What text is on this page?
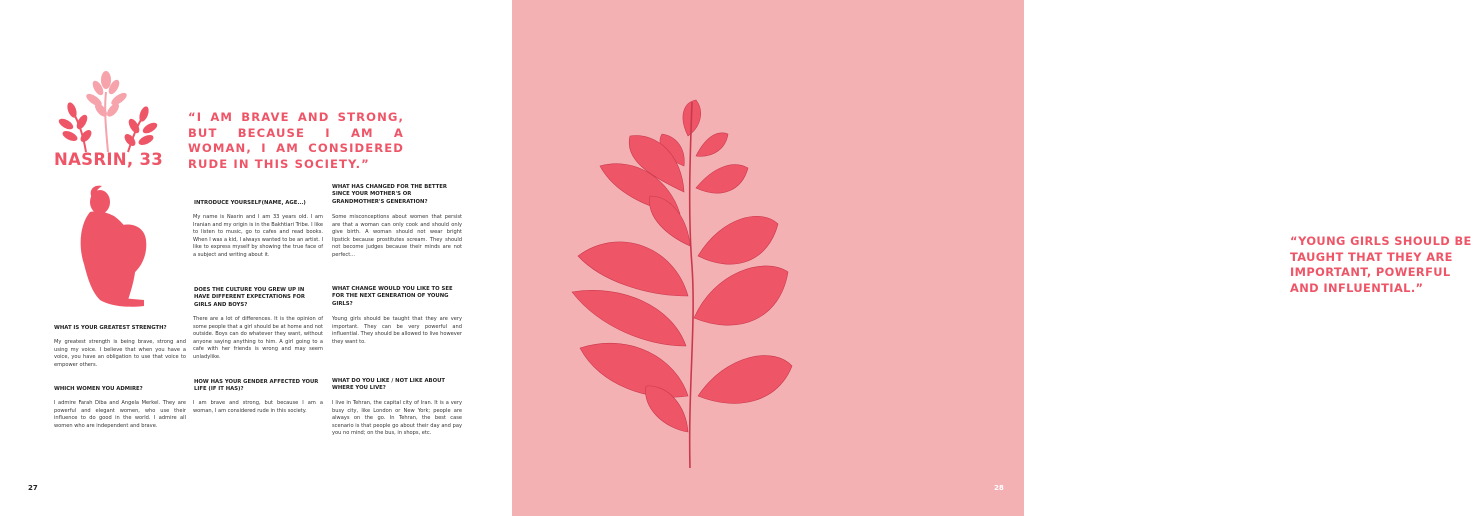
NASRIN, 33
“I AM BRAVE AND STRONG, BUT BECAUSE I AM A WOMAN, I AM CONSIDERED RUDE IN THIS SOCIETY.”
WHAT IS YOUR GREATEST STRENGTH?
My greatest strength is being brave, strong and using my voice. I believe that when you have a voice, you have an obligation to use that voice to empower others.
WHICH WOMEN YOU ADMIRE?
I admire Farah Diba and Angela Merkel. They are powerful and elegant women, who use their influence to do good in the world. I admire all women who are independent and brave.
INTRODUCE YOURSELF(NAME, AGE...)
My name is Nasrin and I am 33 years old. I am Iranian and my origin is in the Bakhtiari Tribe. I like to listen to music, go to cafes and read books. When I was a kid, I always wanted to be an artist. I like to express myself by showing the true face of a subject and writing about it.
DOES THE CULTURE YOU GREW UP IN HAVE DIFFERENT EXPECTATIONS FOR GIRLS AND BOYS?
There are a lot of differences. It is the opinion of some people that a girl should be at home and not outside. Boys can do whatever they want, without anyone saying anything to him. A girl going to a cafe with her friends is wrong and may seem unladylike.
HOW HAS YOUR GENDER AFFECTED YOUR LIFE (IF IT HAS)?
I am brave and strong, but because I am a woman, I am considered rude in this society.
WHAT HAS CHANGED FOR THE BETTER SINCE YOUR MOTHER'S OR GRANDMOTHER'S GENERATION?
Some misconceptions about women that persist are that a woman can only cook and should only give birth. A woman should not wear bright lipstick because prostitutes scream. They should not become judges because their minds are not perfect...
WHAT CHANGE WOULD YOU LIKE TO SEE FOR THE NEXT GENERATION OF YOUNG GIRLS?
Young girls should be taught that they are very important. They can be very powerful and influential. They should be allowed to live however they want to.
WHAT DO YOU LIKE / NOT LIKE ABOUT WHERE YOU LIVE?
I live in Tehran, the capital city of Iran. It is a very busy city, like London or New York; people are always on the go. In Tehran, the best case scenario is that people go about their day and pay you no mind; on the bus, in shops, etc.
27
“YOUNG GIRLS SHOULD BE TAUGHT THAT THEY ARE IMPORTANT, POWERFUL AND INFLUENTIAL.”
28
